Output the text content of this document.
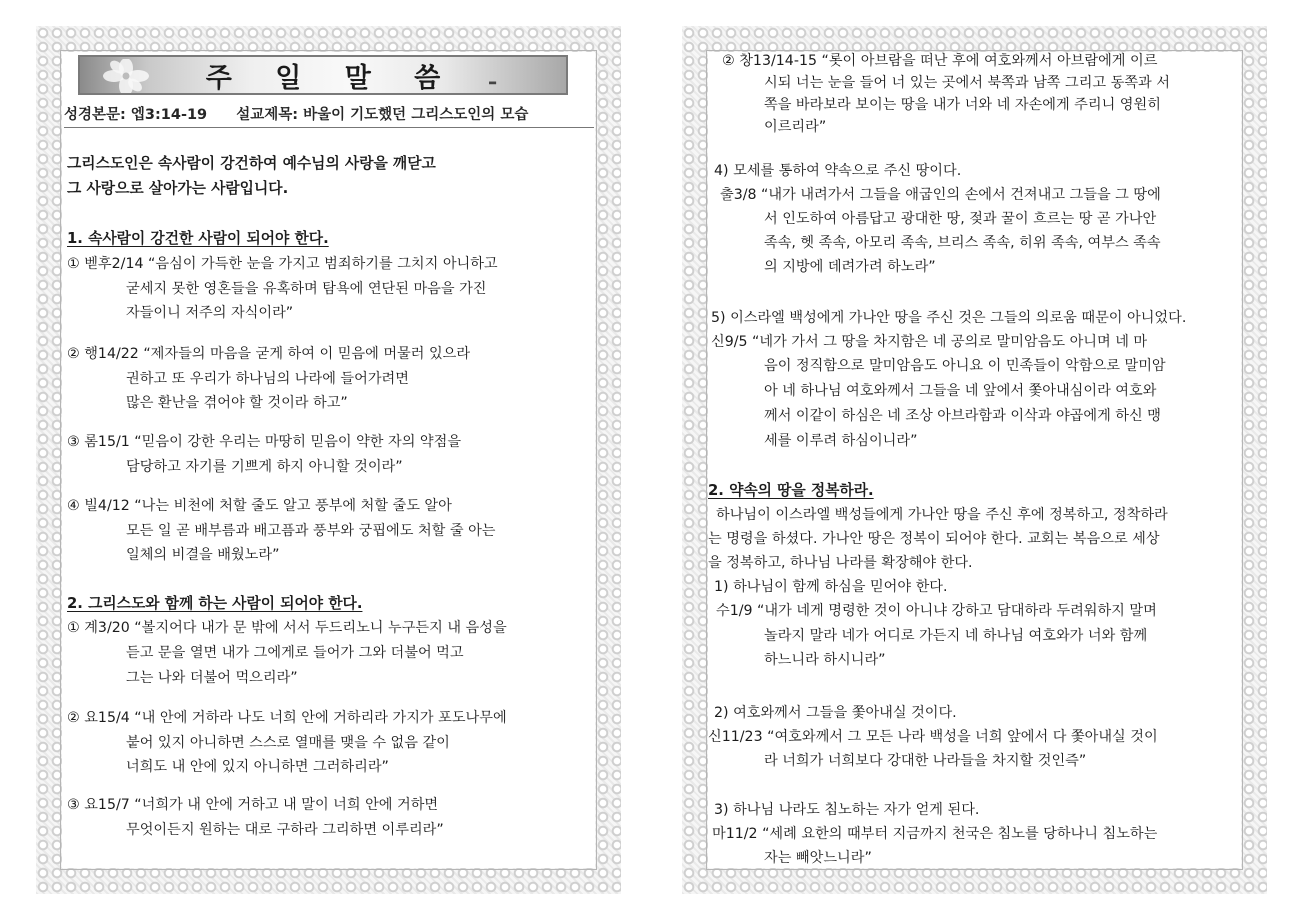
주 일 말 씀	▂
성경본문: 엡3:14-19 설교제목: 바울이 기도했던 그리스도인의 모습
그리스도인은 속사람이 강건하여 예수님의 사랑을 깨닫고
그 사랑으로 살아가는 사람입니다.
1. 속사람이 강건한 사람이 되어야 한다.
① 벧후2/14 “음심이 가득한 눈을 가지고 범죄하기를 그치지 아니하고
굳세지 못한 영혼들을 유혹하며 탐욕에 연단된 마음을 가진
자들이니 저주의 자식이라”
② 행14/22 “제자들의 마음을 굳게 하여 이 믿음에 머물러 있으라
권하고 또 우리가 하나님의 나라에 들어가려면
많은 환난을 겪어야 할 것이라 하고”
③ 롬15/1 “믿음이 강한 우리는 마땅히 믿음이 약한 자의 약점을
담당하고 자기를 기쁘게 하지 아니할 것이라”
④ 빌4/12 “나는 비천에 처할 줄도 알고 풍부에 처할 줄도 알아
모든 일 곧 배부름과 배고픔과 풍부와 궁핍에도 처할 줄 아는
일체의 비결을 배웠노라”
2. 그리스도와 함께 하는 사람이 되어야 한다.
① 계3/20 “볼지어다 내가 문 밖에 서서 두드리노니 누구든지 내 음성을
듣고 문을 열면 내가 그에게로 들어가 그와 더불어 먹고
그는 나와 더불어 먹으리라”
② 요15/4 “내 안에 거하라 나도 너희 안에 거하리라 가지가 포도나무에
붙어 있지 아니하면 스스로 열매를 맺을 수 없음 같이
너희도 내 안에 있지 아니하면 그러하리라”
③ 요15/7 “너희가 내 안에 거하고 내 말이 너희 안에 거하면
무엇이든지 원하는 대로 구하라 그리하면 이루리라”
② 창13/14-15 “롯이 아브람을 떠난 후에 여호와께서 아브람에게 이르
시되 너는 눈을 들어 너 있는 곳에서 북쪽과 남쪽 그리고 동쪽과 서
쪽을 바라보라 보이는 땅을 내가 너와 네 자손에게 주리니 영원히
이르리라”
4) 모세를 통하여 약속으로 주신 땅이다.
출3/8 “내가 내려가서 그들을 애굽인의 손에서 건져내고 그들을 그 땅에
서 인도하여 아름답고 광대한 땅, 젖과 꿀이 흐르는 땅 곧 가나안
족속, 헷 족속, 아모리 족속, 브리스 족속, 히위 족속, 여부스 족속
의 지방에 데려가려 하노라”
5) 이스라엘 백성에게 가나안 땅을 주신 것은 그들의 의로움 때문이 아니었다.
신9/5 “네가 가서 그 땅을 차지함은 네 공의로 말미암음도 아니며 네 마
음이 정직함으로 말미암음도 아니요 이 민족들이 악함으로 말미암
아 네 하나님 여호와께서 그들을 네 앞에서 쫓아내심이라 여호와
께서 이같이 하심은 네 조상 아브라함과 이삭과 야곱에게 하신 맹
세를 이루려 하심이니라”
2. 약속의 땅을 정복하라.
하나님이 이스라엘 백성들에게 가나안 땅을 주신 후에 정복하고, 정착하라
는 명령을 하셨다. 가나안 땅은 정복이 되어야 한다. 교회는 복음으로 세상
을 정복하고, 하나님 나라를 확장해야 한다.
1) 하나님이 함께 하심을 믿어야 한다.
수1/9 “내가 네게 명령한 것이 아니냐 강하고 담대하라 두려워하지 말며
놀라지 말라 네가 어디로 가든지 네 하나님 여호와가 너와 함께
하느니라 하시니라”
2) 여호와께서 그들을 쫓아내실 것이다.
신11/23 “여호와께서 그 모든 나라 백성을 너희 앞에서 다 쫓아내실 것이
라 너희가 너희보다 강대한 나라들을 차지할 것인즉”
3) 하나님 나라도 침노하는 자가 얻게 된다.
마11/2 “세례 요한의 때부터 지금까지 천국은 침노를 당하나니 침노하는
자는 빼앗느니라”
